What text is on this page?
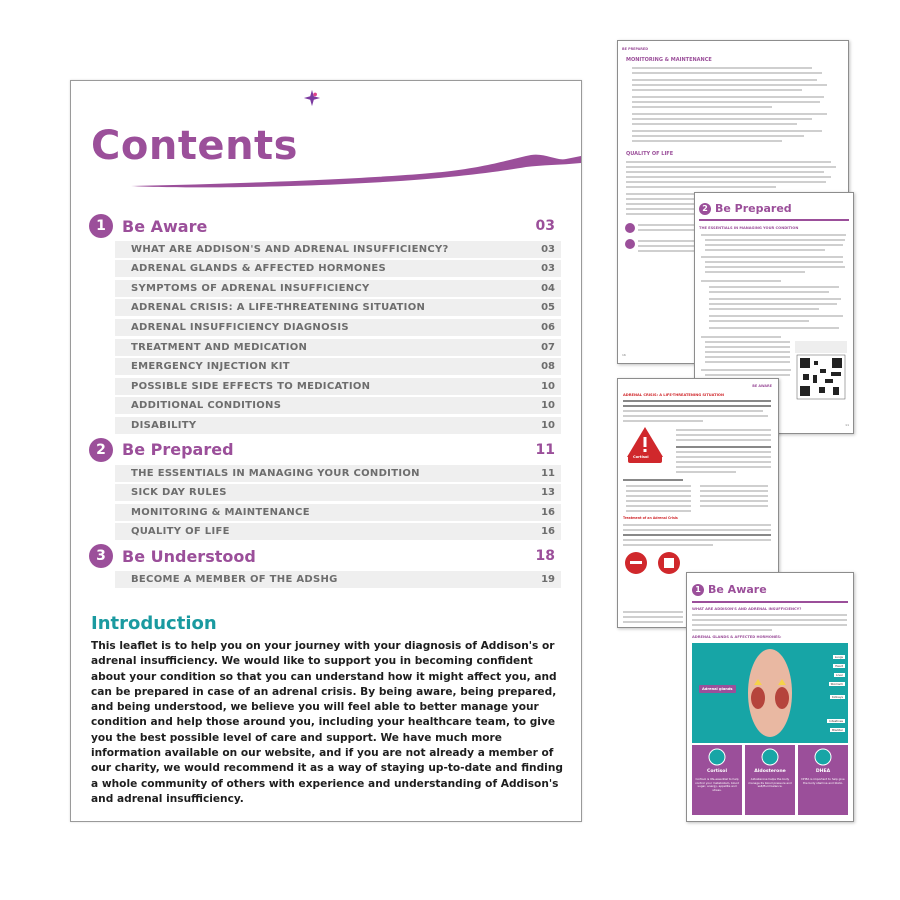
Contents
1	Be Aware	03
WHAT ARE ADDISON'S AND ADRENAL INSUFFICIENCY?	03
ADRENAL GLANDS & AFFECTED HORMONES	03
SYMPTOMS OF ADRENAL INSUFFICIENCY	04
ADRENAL CRISIS: A LIFE-THREATENING SITUATION	05
ADRENAL INSUFFICIENCY DIAGNOSIS	06
TREATMENT AND MEDICATION	07
EMERGENCY INJECTION KIT	08
POSSIBLE SIDE EFFECTS TO MEDICATION	10
ADDITIONAL CONDITIONS	10
DISABILITY	10
2	Be Prepared	11
THE ESSENTIALS IN MANAGING YOUR CONDITION	11
SICK DAY RULES	13
MONITORING & MAINTENANCE	16
QUALITY OF LIFE	16
3	Be Understood	18
BECOME A MEMBER OF THE ADSHG	19
Introduction

This leaflet is to help you on your journey with your diagnosis of Addison's or adrenal insufficiency. We would like to support you in becoming confident about your condition so that you can understand how it might affect you, and can be prepared in case of an adrenal crisis. By being aware, being prepared, and being understood, we believe you will feel able to better manage your condition and help those around you, including your healthcare team, to give you the best possible level of care and support. We have much more information available on our website, and if you are not already a member of our charity, we would recommend it as a way of staying up-to-date and finding a whole community of others with experience and understanding of Addison's and adrenal insufficiency.

BE PREPARED
MONITORING & MAINTENANCE
QUALITY OF LIFE
16
2 Be Prepared
THE ESSENTIALS IN MANAGING YOUR CONDITION
11
BE AWARE
ADRENAL CRISIS: A LIFE-THREATENING SITUATION
Cortisol
Treatment of an Adrenal Crisis
1 Be Aware
WHAT ARE ADDISON'S AND ADRENAL INSUFFICIENCY?
ADRENAL GLANDS & AFFECTED HORMONES:
Lungs
Heart
Liver
Stomach
Kidneys
Intestines
Bladder
Adrenal glands
Cortisol
Cortisol is life-essential to help control your metabolism, blood sugar, energy, appetite and stress.
Aldosterone
Aldosterone helps the body manage its blood pressure and salt/fluid balance.
DHEA
DHEA is important to help give the body stamina and libido.
